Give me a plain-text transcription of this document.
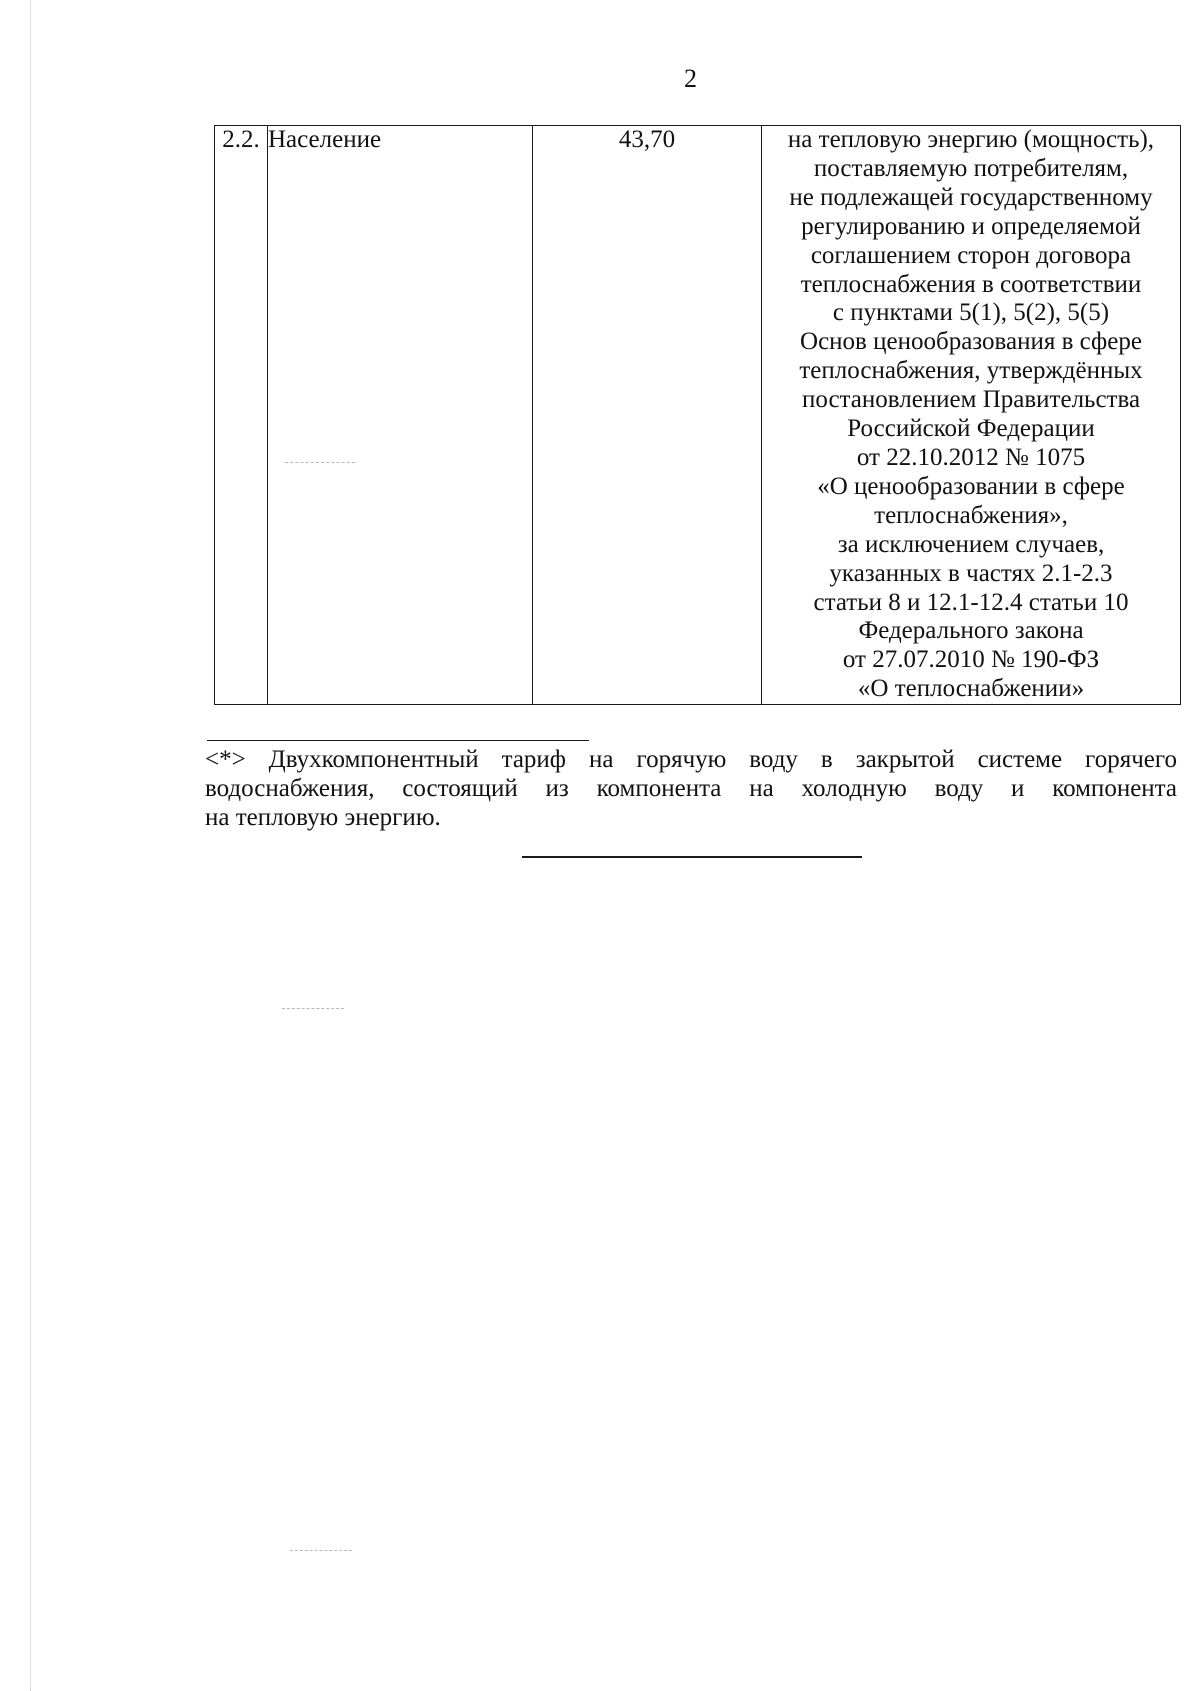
2
2.2.	Население	43,70	на тепловую энергию (мощность),
поставляемую потребителям,
не подлежащей государственному
регулированию и определяемой
соглашением сторон договора
теплоснабжения в соответствии
с пунктами 5(1), 5(2), 5(5)
Основ ценообразования в сфере
теплоснабжения, утверждённых
постановлением Правительства
Российской Федерации
от 22.10.2012 № 1075
«О ценообразовании в сфере
теплоснабжения»,
за исключением случаев,
указанных в частях 2.1-2.3
статьи 8 и 12.1-12.4 статьи 10
Федерального закона
от 27.07.2010 № 190-ФЗ
«О теплоснабжении»
<*> Двухкомпонентный тариф на горячую воду в закрытой системе горячего
водоснабжения, состоящий из компонента на холодную воду и компонента
на тепловую энергию.
